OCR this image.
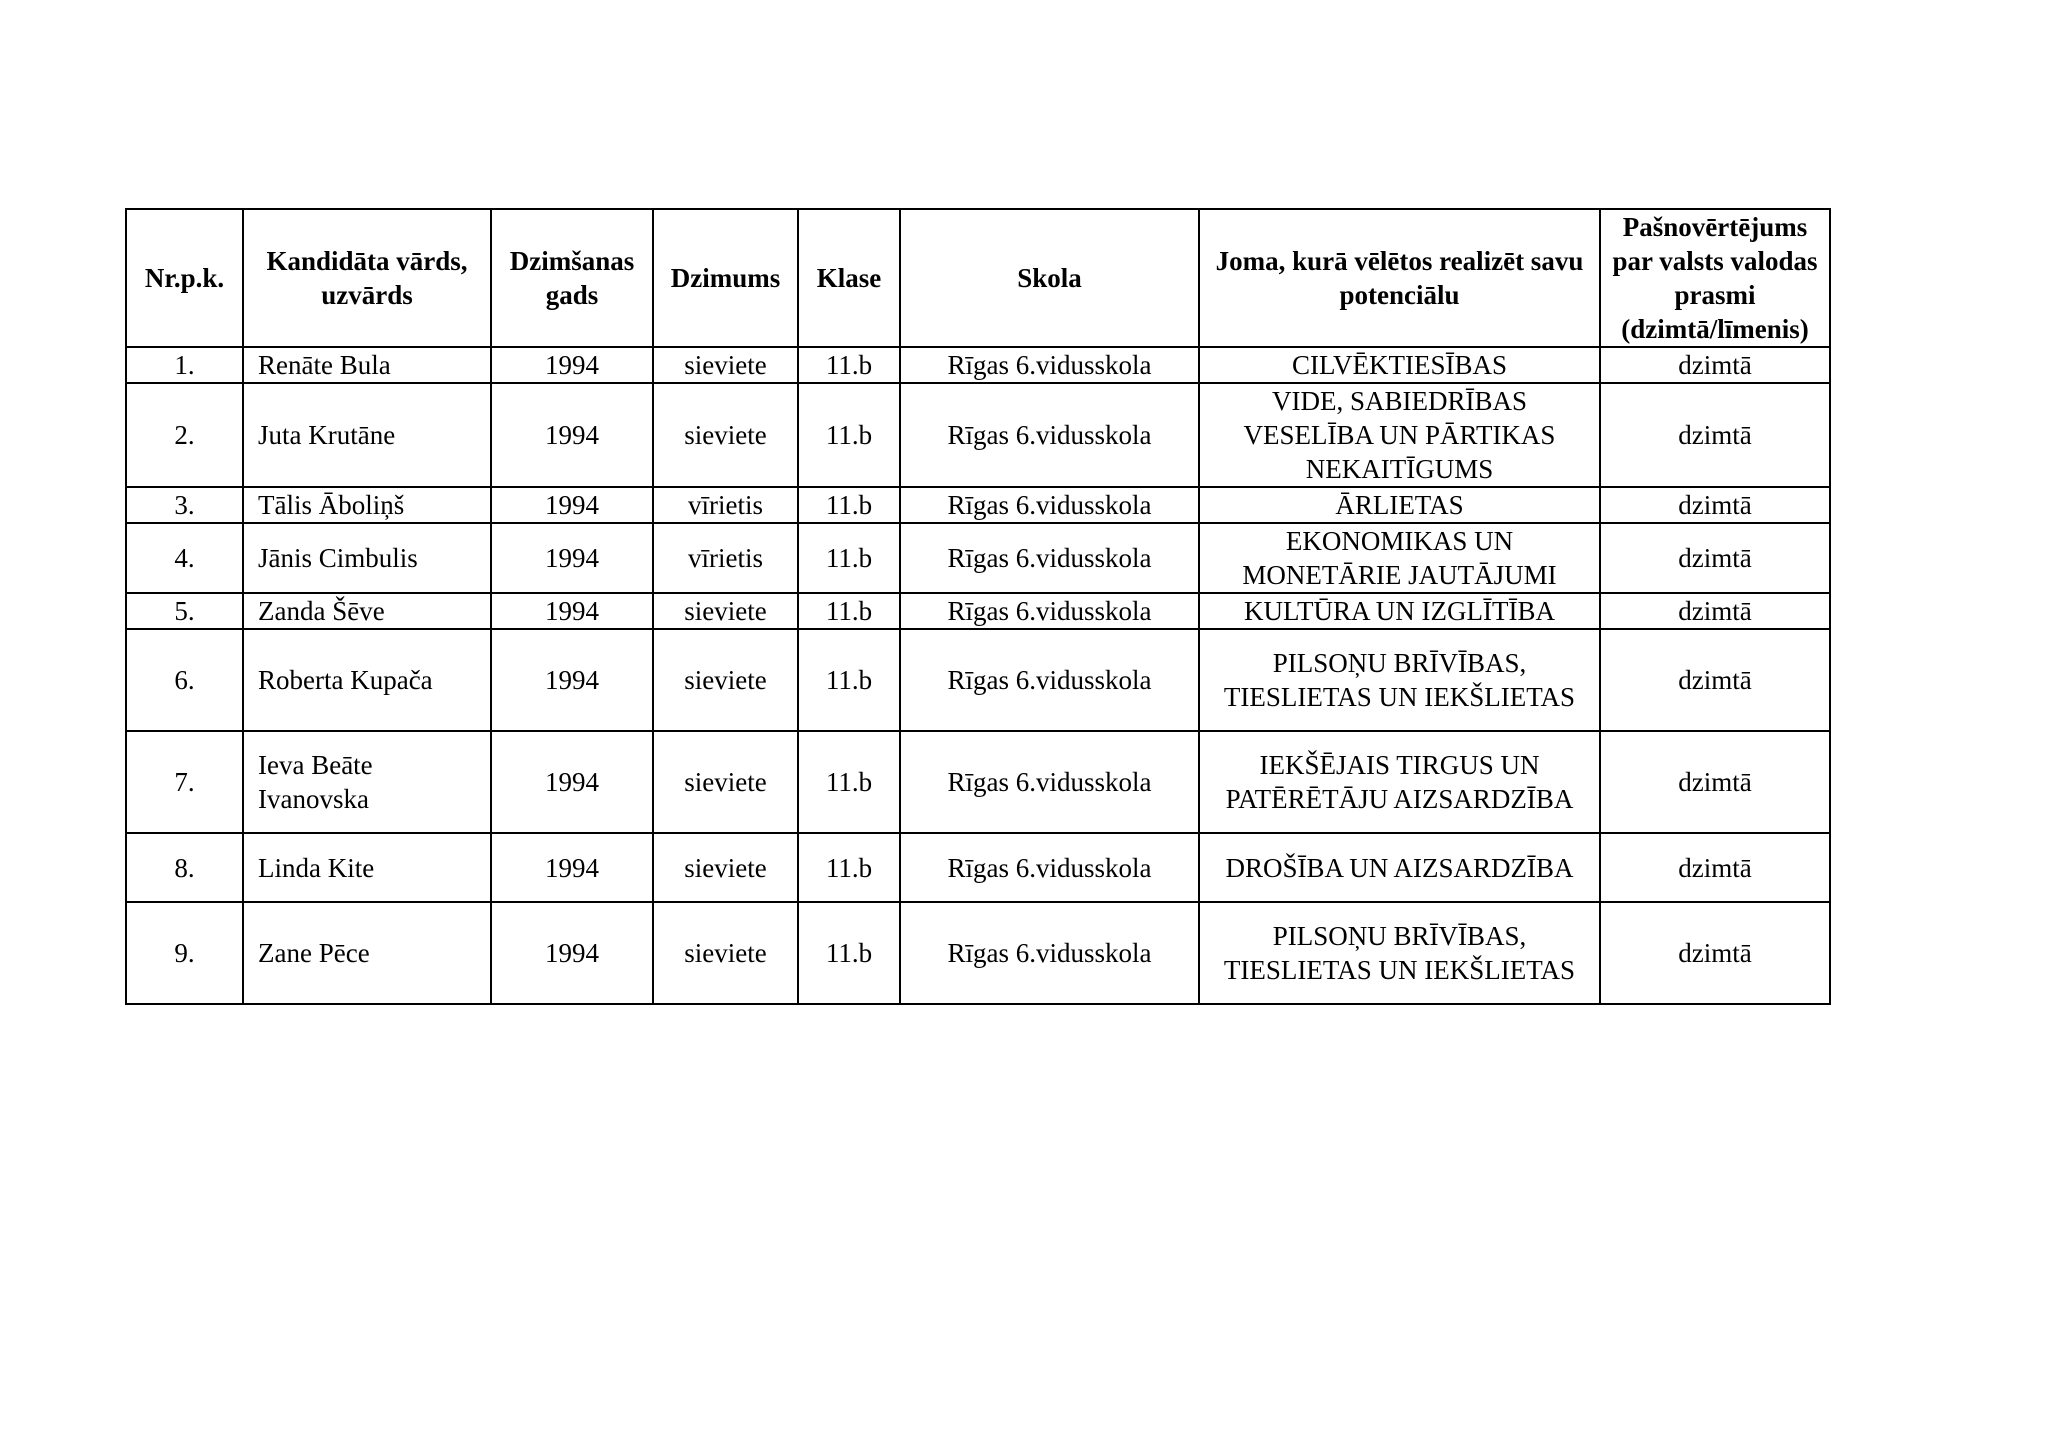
Nr.p.k.	Kandidāta vārds, uzvārds	Dzimšanas gads	Dzimums	Klase	Skola	Joma, kurā vēlētos realizēt savu potenciālu	Pašnovērtējums par valsts valodas prasmi (dzimtā/līmenis)
1.	Renāte Bula	1994	sieviete	11.b	Rīgas 6.vidusskola	CILVĒKTIESĪBAS	dzimtā
2.	Juta Krutāne	1994	sieviete	11.b	Rīgas 6.vidusskola	VIDE, SABIEDRĪBAS VESELĪBA UN PĀRTIKAS NEKAITĪGUMS	dzimtā
3.	Tālis Āboliņš	1994	vīrietis	11.b	Rīgas 6.vidusskola	ĀRLIETAS	dzimtā
4.	Jānis Cimbulis	1994	vīrietis	11.b	Rīgas 6.vidusskola	EKONOMIKAS UN MONETĀRIE JAUTĀJUMI	dzimtā
5.	Zanda Šēve	1994	sieviete	11.b	Rīgas 6.vidusskola	KULTŪRA UN IZGLĪTĪBA	dzimtā
6.	Roberta Kupača	1994	sieviete	11.b	Rīgas 6.vidusskola	PILSOŅU BRĪVĪBAS, TIESLIETAS UN IEKŠLIETAS	dzimtā
7.	Ieva Beāte Ivanovska	1994	sieviete	11.b	Rīgas 6.vidusskola	IEKŠĒJAIS TIRGUS UN PATĒRĒTĀJU AIZSARDZĪBA	dzimtā
8.	Linda Kite	1994	sieviete	11.b	Rīgas 6.vidusskola	DROŠĪBA UN AIZSARDZĪBA	dzimtā
9.	Zane Pēce	1994	sieviete	11.b	Rīgas 6.vidusskola	PILSOŅU BRĪVĪBAS, TIESLIETAS UN IEKŠLIETAS	dzimtā
